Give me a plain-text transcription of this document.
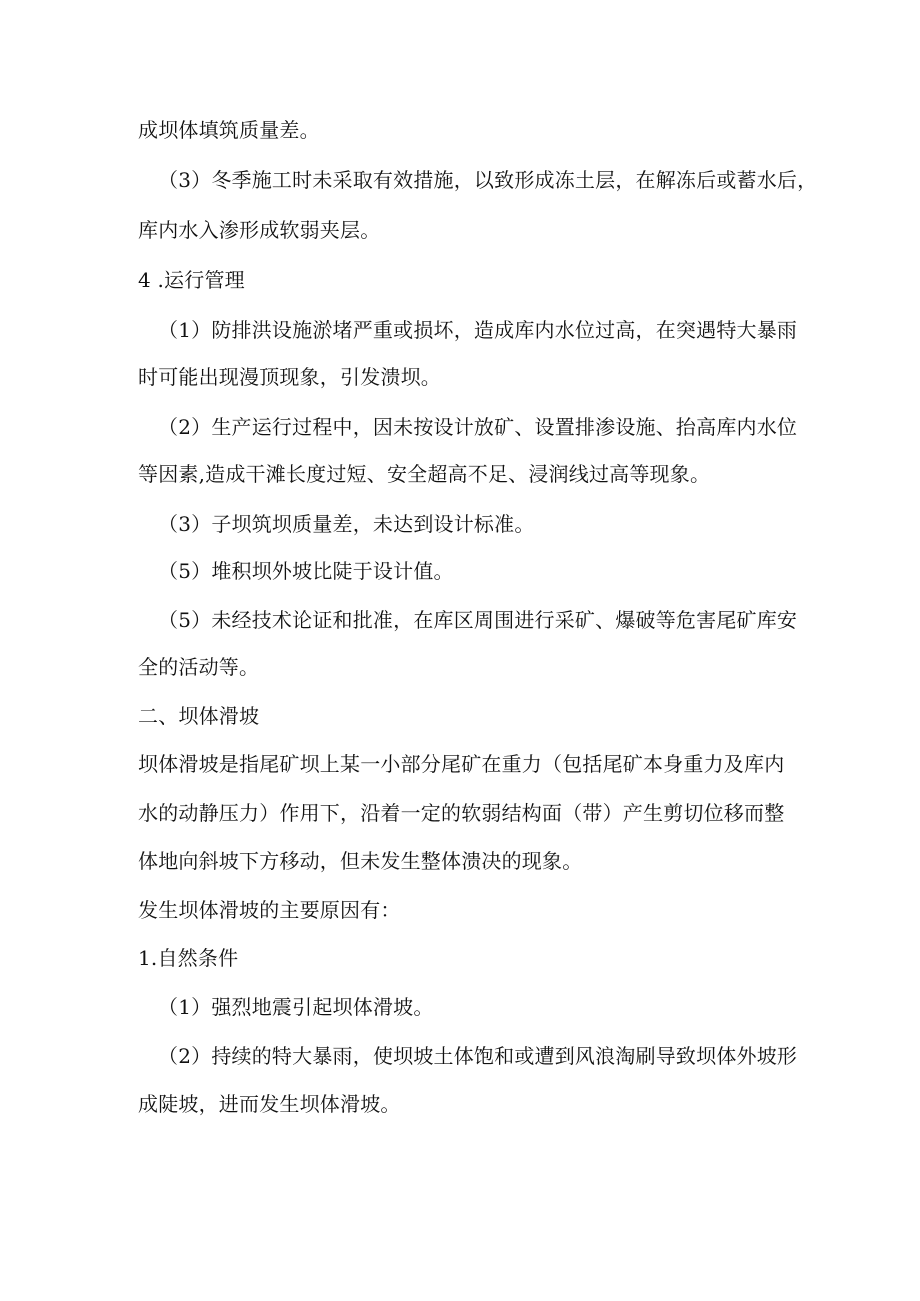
成坝体填筑质量差。
（3）冬季施工时未采取有效措施，以致形成冻土层，在解冻后或蓄水后，
库内水入渗形成软弱夹层。
4 .运行管理
（1）防排洪设施淤堵严重或损坏，造成库内水位过高，在突遇特大暴雨
时可能出现漫顶现象，引发溃坝。
（2）生产运行过程中，因未按设计放矿、设置排渗设施、抬高库内水位
等因素,造成干滩长度过短、安全超高不足、浸润线过高等现象。
（3）子坝筑坝质量差，未达到设计标准。
（5）堆积坝外坡比陡于设计值。
（5）未经技术论证和批准，在库区周围进行采矿、爆破等危害尾矿库安
全的活动等。
二、坝体滑坡
坝体滑坡是指尾矿坝上某一小部分尾矿在重力（包括尾矿本身重力及库内
水的动静压力）作用下，沿着一定的软弱结构面（带）产生剪切位移而整
体地向斜坡下方移动，但未发生整体溃决的现象。
发生坝体滑坡的主要原因有：
1.自然条件
（1）强烈地震引起坝体滑坡。
（2）持续的特大暴雨，使坝坡土体饱和或遭到风浪淘刷导致坝体外坡形
成陡坡，进而发生坝体滑坡。
